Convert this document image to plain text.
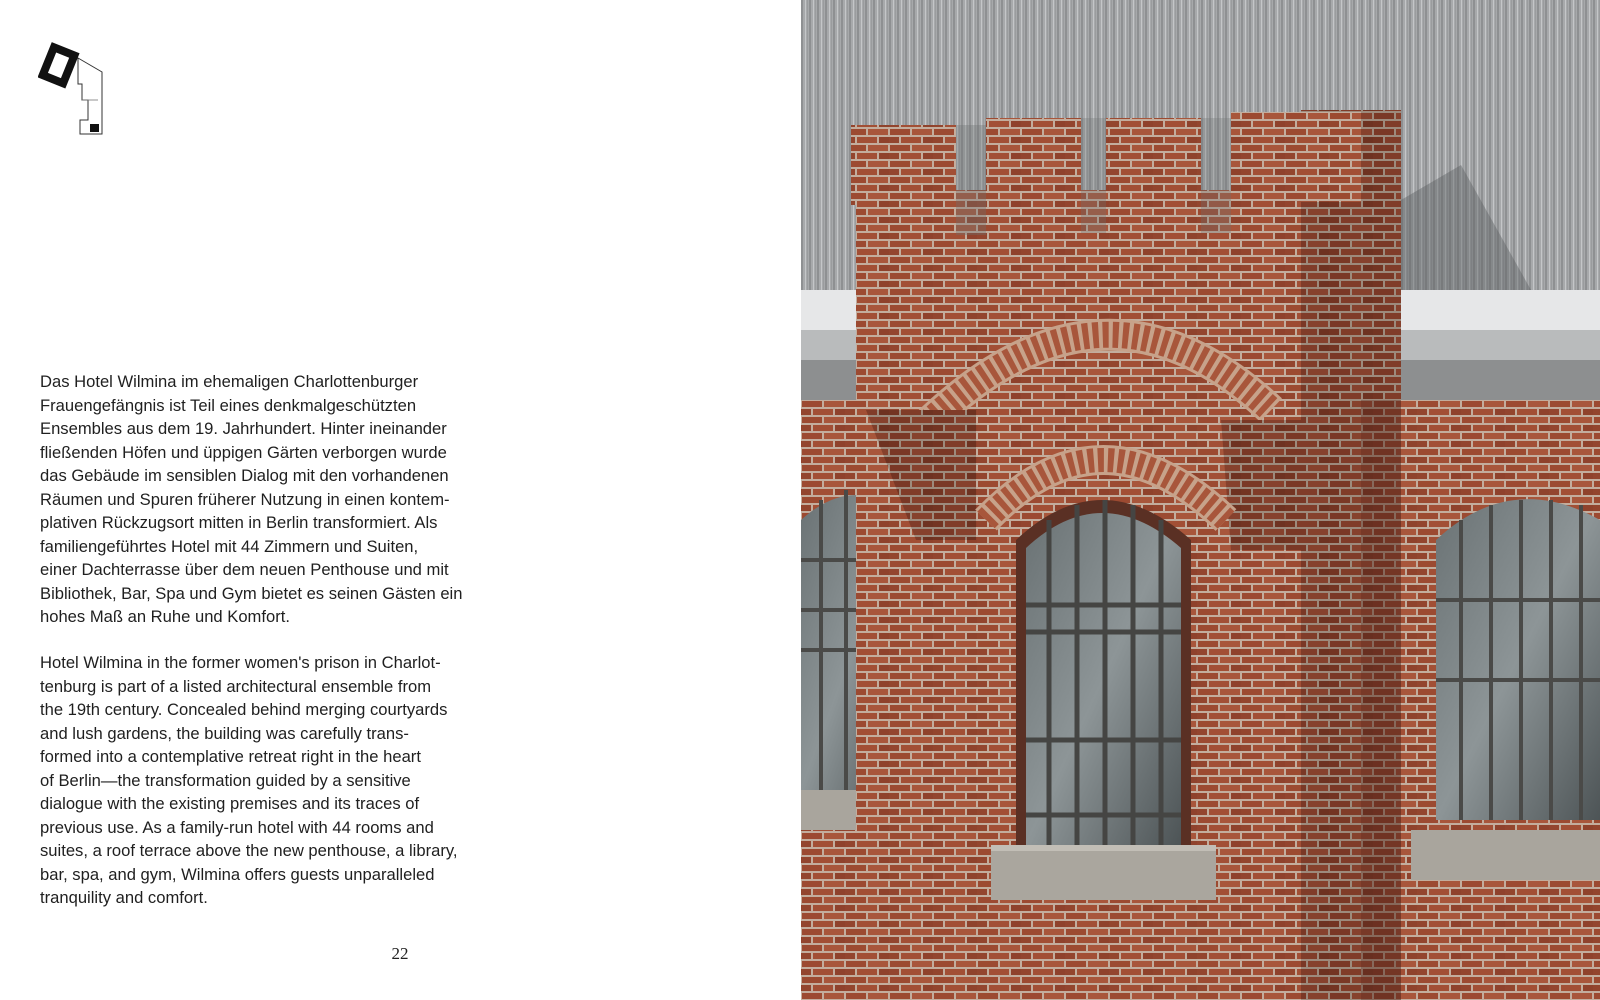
Das Hotel Wilmina im ehemaligen Charlottenburger
Frauengefängnis ist Teil eines denkmalgeschützten
Ensembles aus dem 19. Jahrhundert. Hinter ineinander
fließenden Höfen und üppigen Gärten verborgen wurde
das Gebäude im sensiblen Dialog mit den vorhandenen
Räumen und Spuren früherer Nutzung in einen kontem-
plativen Rückzugsort mitten in Berlin transformiert. Als
familiengeführtes Hotel mit 44 Zimmern und Suiten,
einer Dachterrasse über dem neuen Penthouse und mit
Bibliothek, Bar, Spa und Gym bietet es seinen Gästen ein
hohes Maß an Ruhe und Komfort.

Hotel Wilmina in the former women's prison in Charlot-
tenburg is part of a listed architectural ensemble from
the 19th century. Concealed behind merging courtyards
and lush gardens, the building was carefully trans-
formed into a contemplative retreat right in the heart
of Berlin—the transformation guided by a sensitive
dialogue with the existing premises and its traces of
previous use. As a family-run hotel with 44 rooms and
suites, a roof terrace above the new penthouse, a library,
bar, spa, and gym, Wilmina offers guests unparalleled
tranquility and comfort.

22
